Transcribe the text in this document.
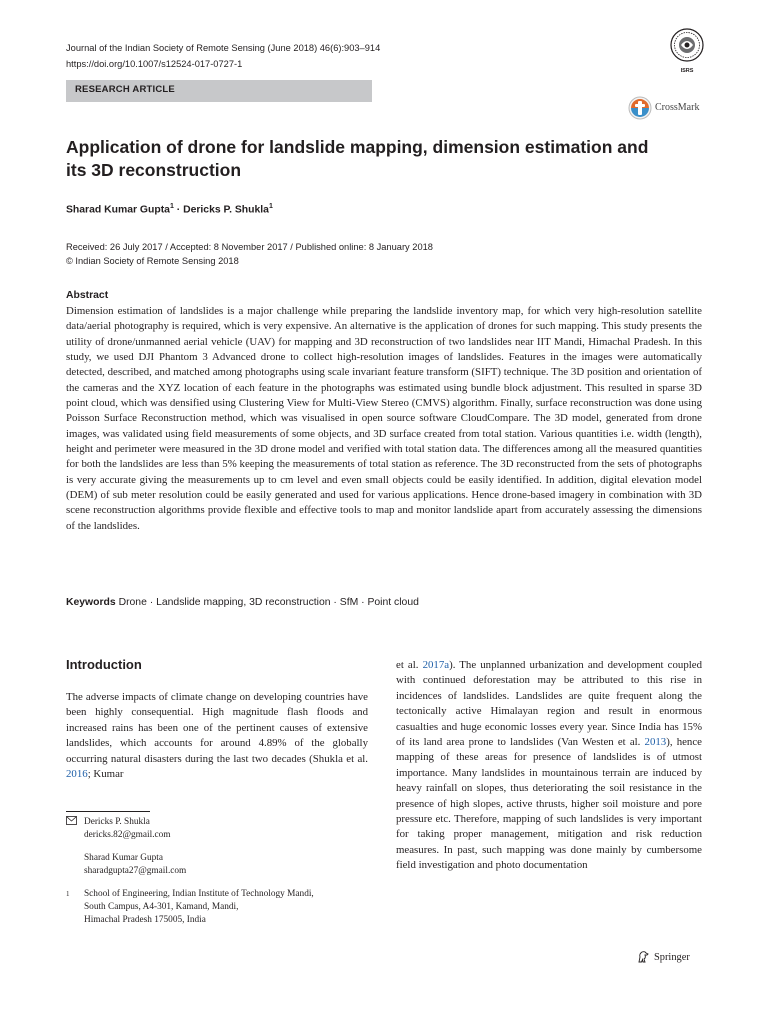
Journal of the Indian Society of Remote Sensing (June 2018) 46(6):903–914
https://doi.org/10.1007/s12524-017-0727-1
ISRS
RESEARCH ARTICLE
CrossMark
Application of drone for landslide mapping, dimension estimation and its 3D reconstruction
Sharad Kumar Gupta$^1$ · Dericks P. Shukla$^1$
Received: 26 July 2017 / Accepted: 8 November 2017 / Published online: 8 January 2018
© Indian Society of Remote Sensing 2018
Abstract
Dimension estimation of landslides is a major challenge while preparing the landslide inventory map, for which very high-resolution satellite data/aerial photography is required, which is very expensive. An alternative is the application of drones for such mapping. This study presents the utility of drone/unmanned aerial vehicle (UAV) for mapping and 3D reconstruction of two landslides near IIT Mandi, Himachal Pradesh. In this study, we used DJI Phantom 3 Advanced drone to collect high-resolution images of landslides. Features in the images were automatically detected, described, and matched among photographs using scale invariant feature transform (SIFT) technique. The 3D position and orientation of the cameras and the XYZ location of each feature in the photographs was estimated using bundle block adjustment. This resulted in sparse 3D point cloud, which was densified using Clustering View for Multi-View Stereo (CMVS) algorithm. Finally, surface reconstruction was done using Poisson Surface Reconstruction method, which was visualised in open source software CloudCompare. The 3D model, generated from drone images, was validated using field measurements of some objects, and 3D surface created from total station. Various quantities i.e. width (length), height and perimeter were measured in the 3D drone model and verified with total station data. The differences among all the measured quantities for both the landslides are less than 5% keeping the measurements of total station as reference. The 3D reconstructed from the sets of photographs is very accurate giving the measurements up to cm level and even small objects could be easily identified. In addition, digital elevation model (DEM) of sub meter resolution could be easily generated and used for various applications. Hence drone-based imagery in combination with 3D scene reconstruction algorithms provide flexible and effective tools to map and monitor landslide apart from accurately assessing the dimensions of the landslides.
Keywords Drone · Landslide mapping, 3D reconstruction · SfM · Point cloud
Introduction
The adverse impacts of climate change on developing countries have been highly consequential. High magnitude flash floods and increased rains has been one of the pertinent causes of extensive landslides, which accounts for around 4.89% of the globally occurring natural disasters during the last two decades (Shukla et al. 2016; Kumar
et al. 2017a). The unplanned urbanization and development coupled with continued deforestation may be attributed to this rise in incidences of landslides. Landslides are quite frequent along the tectonically active Himalayan region and result in enormous casualties and huge economic losses every year. Since India has 15% of its land area prone to landslides (Van Westen et al. 2013), hence mapping of these areas for presence of landslides is of utmost importance. Many landslides in mountainous terrain are induced by heavy rainfall on slopes, thus deteriorating the soil resistance in the presence of high slopes, active thrusts, higher soil moisture and pore pressure etc. Therefore, mapping of such landslides is very important for taking proper management, mitigation and risk reduction measures. In past, such mapping was done mainly by cumbersome field investigation and photo documentation
Dericks P. Shukla
dericks.82@gmail.com
Sharad Kumar Gupta
sharadgupta27@gmail.com
1 School of Engineering, Indian Institute of Technology Mandi,
South Campus, A4-301, Kamand, Mandi,
Himachal Pradesh 175005, India
Springer
